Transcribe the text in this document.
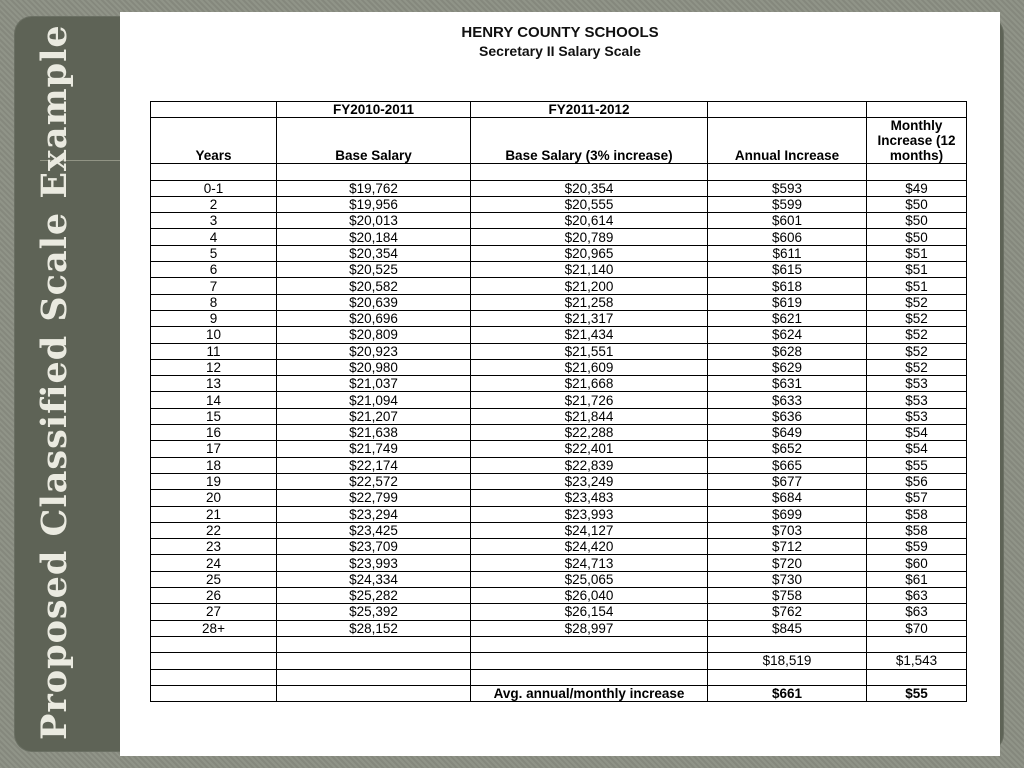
Proposed Classified Scale Example	HENRY COUNTY SCHOOLS
Secretary II Salary Scale
	FY2010-2011	FY2011-2012		
Years	Base Salary	Base Salary (3% increase)	Annual Increase	Monthly Increase (12 months)

0-1	$19,762	$20,354	$593	$49
2	$19,956	$20,555	$599	$50
3	$20,013	$20,614	$601	$50
4	$20,184	$20,789	$606	$50
5	$20,354	$20,965	$611	$51
6	$20,525	$21,140	$615	$51
7	$20,582	$21,200	$618	$51
8	$20,639	$21,258	$619	$52
9	$20,696	$21,317	$621	$52
10	$20,809	$21,434	$624	$52
11	$20,923	$21,551	$628	$52
12	$20,980	$21,609	$629	$52
13	$21,037	$21,668	$631	$53
14	$21,094	$21,726	$633	$53
15	$21,207	$21,844	$636	$53
16	$21,638	$22,288	$649	$54
17	$21,749	$22,401	$652	$54
18	$22,174	$22,839	$665	$55
19	$22,572	$23,249	$677	$56
20	$22,799	$23,483	$684	$57
21	$23,294	$23,993	$699	$58
22	$23,425	$24,127	$703	$58
23	$23,709	$24,420	$712	$59
24	$23,993	$24,713	$720	$60
25	$24,334	$25,065	$730	$61
26	$25,282	$26,040	$758	$63
27	$25,392	$26,154	$762	$63
28+	$28,152	$28,997	$845	$70

			$18,519	$1,543

		Avg. annual/monthly increase	$661	$55
